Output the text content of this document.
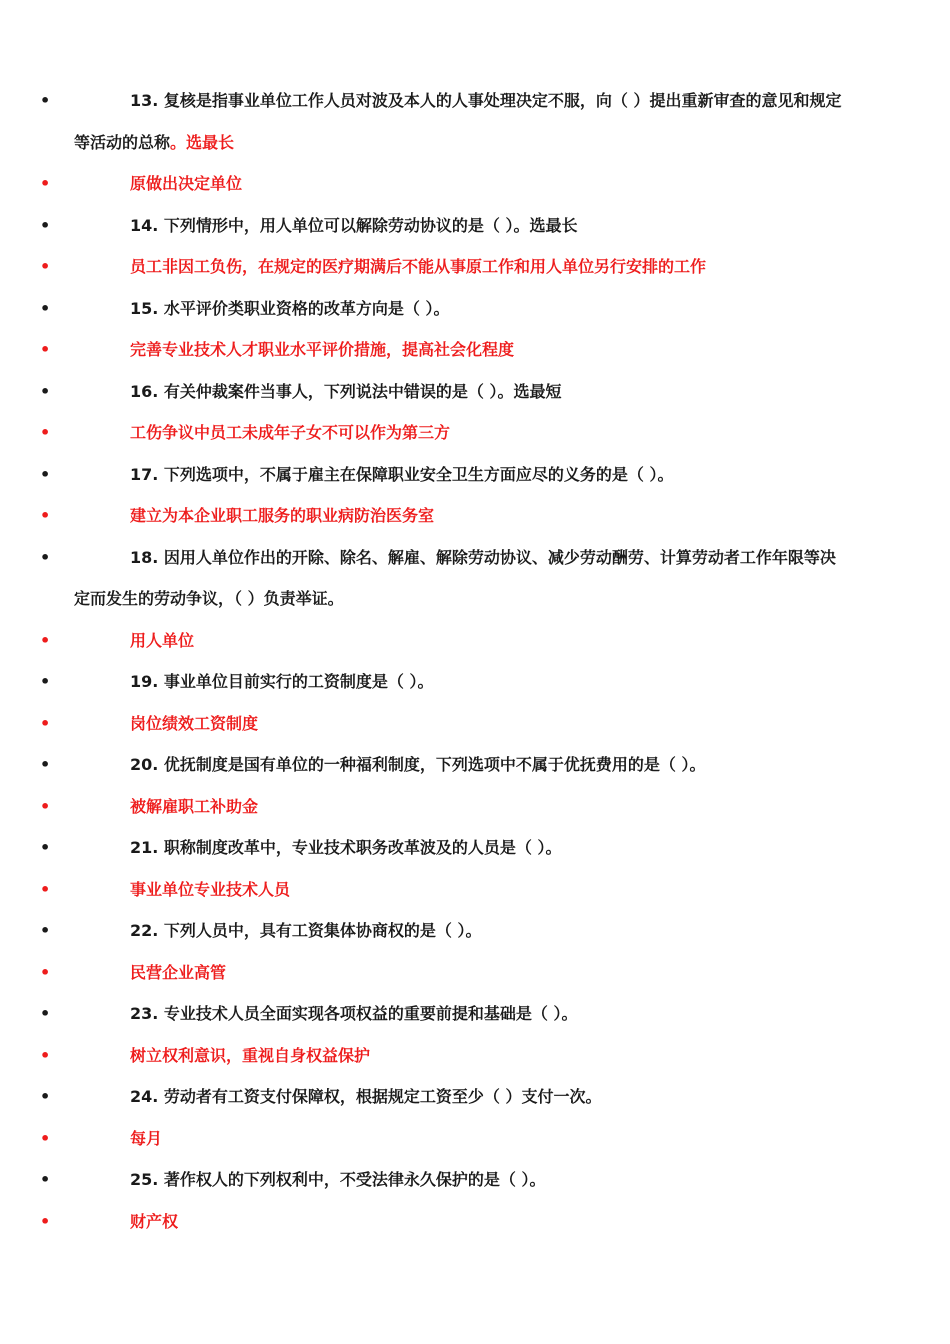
•	13. 复核是指事业单位工作人员对波及本人的人事处理决定不服，向（ ）提出重新审查的意见和规定
等活动的总称。选最长
•	原做出决定单位
•	14. 下列情形中，用人单位可以解除劳动协议的是（ ）。选最长
•	员工非因工负伤，在规定的医疗期满后不能从事原工作和用人单位另行安排的工作
•	15. 水平评价类职业资格的改革方向是（ ）。
•	完善专业技术人才职业水平评价措施，提高社会化程度
•	16. 有关仲裁案件当事人，下列说法中错误的是（ ）。选最短
•	工伤争议中员工未成年子女不可以作为第三方
•	17. 下列选项中，不属于雇主在保障职业安全卫生方面应尽的义务的是（ ）。
•	建立为本企业职工服务的职业病防治医务室
•	18. 因用人单位作出的开除、除名、解雇、解除劳动协议、减少劳动酬劳、计算劳动者工作年限等决
定而发生的劳动争议，（ ）负责举证。
•	用人单位
•	19. 事业单位目前实行的工资制度是（ ）。
•	岗位绩效工资制度
•	20. 优抚制度是国有单位的一种福利制度，下列选项中不属于优抚费用的是（ ）。
•	被解雇职工补助金
•	21. 职称制度改革中，专业技术职务改革波及的人员是（ ）。
•	事业单位专业技术人员
•	22. 下列人员中，具有工资集体协商权的是（ ）。
•	民营企业高管
•	23. 专业技术人员全面实现各项权益的重要前提和基础是（ ）。
•	树立权利意识，重视自身权益保护
•	24. 劳动者有工资支付保障权，根据规定工资至少（ ）支付一次。
•	每月
•	25. 著作权人的下列权利中，不受法律永久保护的是（ ）。
•	财产权
